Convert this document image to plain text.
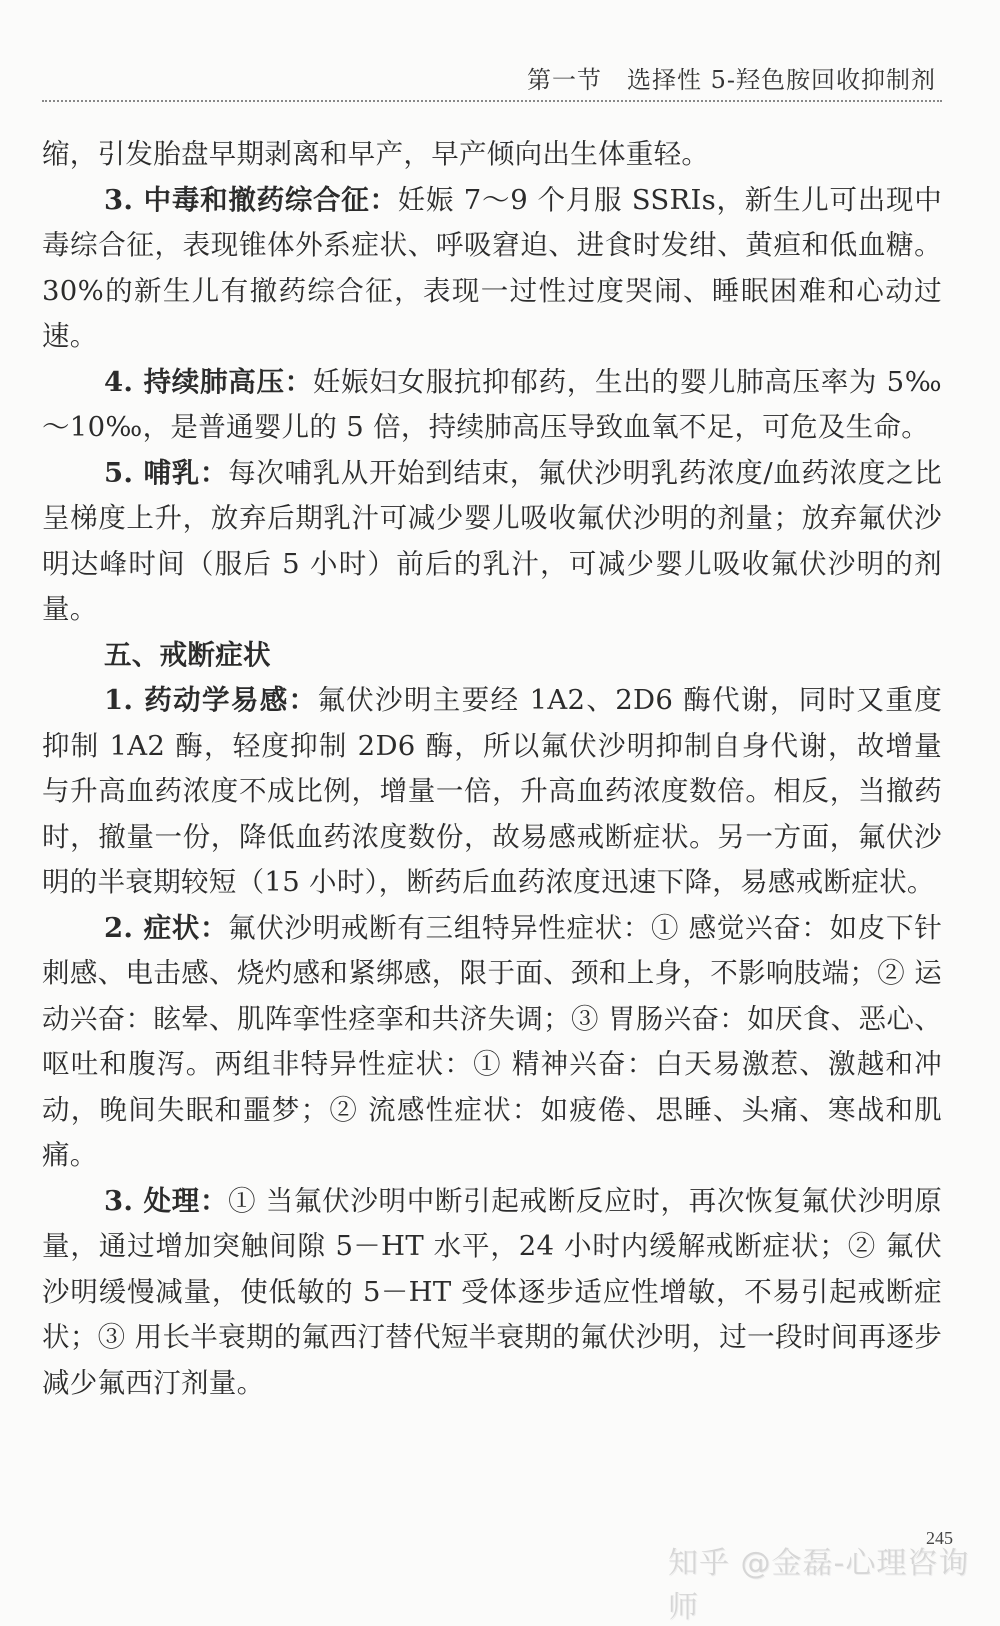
第一节　选择性 5-羟色胺回收抑制剂

缩，引发胎盘早期剥离和早产，早产倾向出生体重轻。

3. 中毒和撤药综合征：妊娠 7～9 个月服 SSRIs，新生儿可出现中毒综合征，表现锥体外系症状、呼吸窘迫、进食时发绀、黄疸和低血糖。30%的新生儿有撤药综合征，表现一过性过度哭闹、睡眠困难和心动过速。

4. 持续肺高压：妊娠妇女服抗抑郁药，生出的婴儿肺高压率为 5‰～10‰，是普通婴儿的 5 倍，持续肺高压导致血氧不足，可危及生命。

5. 哺乳：每次哺乳从开始到结束，氟伏沙明乳药浓度/血药浓度之比呈梯度上升，放弃后期乳汁可减少婴儿吸收氟伏沙明的剂量；放弃氟伏沙明达峰时间（服后 5 小时）前后的乳汁，可减少婴儿吸收氟伏沙明的剂量。

五、戒断症状

1. 药动学易感：氟伏沙明主要经 1A2、2D6 酶代谢，同时又重度抑制 1A2 酶，轻度抑制 2D6 酶，所以氟伏沙明抑制自身代谢，故增量与升高血药浓度不成比例，增量一倍，升高血药浓度数倍。相反，当撤药时，撤量一份，降低血药浓度数份，故易感戒断症状。另一方面，氟伏沙明的半衰期较短（15 小时），断药后血药浓度迅速下降，易感戒断症状。

2. 症状：氟伏沙明戒断有三组特异性症状：① 感觉兴奋：如皮下针刺感、电击感、烧灼感和紧绑感，限于面、颈和上身，不影响肢端；② 运动兴奋：眩晕、肌阵挛性痉挛和共济失调；③ 胃肠兴奋：如厌食、恶心、呕吐和腹泻。两组非特异性症状：① 精神兴奋：白天易激惹、激越和冲动，晚间失眠和噩梦；② 流感性症状：如疲倦、思睡、头痛、寒战和肌痛。

3. 处理：① 当氟伏沙明中断引起戒断反应时，再次恢复氟伏沙明原量，通过增加突触间隙 5－HT 水平，24 小时内缓解戒断症状；② 氟伏沙明缓慢减量，使低敏的 5－HT 受体逐步适应性增敏，不易引起戒断症状；③ 用长半衰期的氟西汀替代短半衰期的氟伏沙明，过一段时间再逐步减少氟西汀剂量。

245
知乎 @金磊-心理咨询师
